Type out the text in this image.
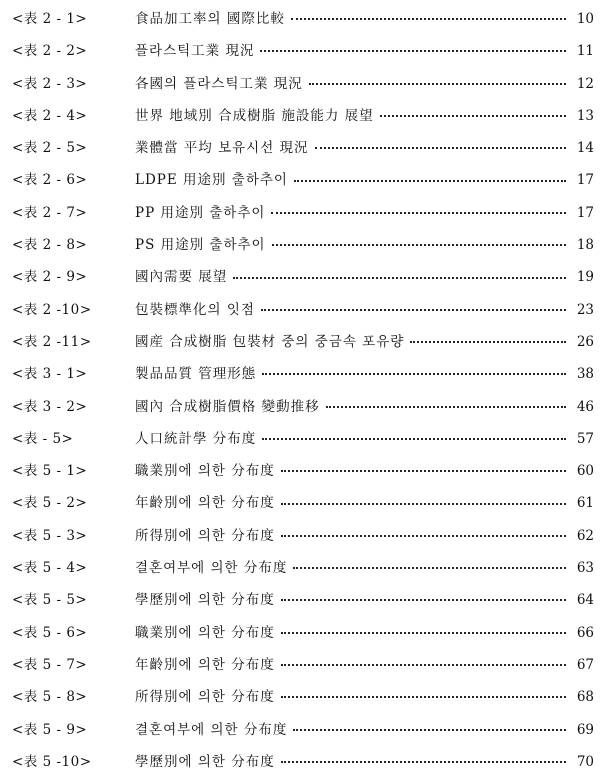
<表 2 - 1>	食品加工率의 國際比較	10
<表 2 - 2>	플라스틱工業 現況	11
<表 2 - 3>	各國의 플라스틱工業 現況	12
<表 2 - 4>	世界 地域別 合成樹脂 施設能力 展望	13
<表 2 - 5>	業體當 平均 보유시선 現況	14
<表 2 - 6>	LDPE 用途別 출하추이	17
<表 2 - 7>	PP 用途別 출하추이	17
<表 2 - 8>	PS 用途別 출하추이	18
<表 2 - 9>	國內需要 展望	19
<表 2 -10>	包裝標準化의 잇점	23
<表 2 -11>	國産 合成樹脂 包裝材 중의 중금속 포유량	26
<表 3 - 1>	製品品質 管理形態	38
<表 3 - 2>	國內 合成樹脂價格 變動推移	46
<表 - 5>	人口統計學 分布度	57
<表 5 - 1>	職業別에 의한 分布度	60
<表 5 - 2>	年齡別에 의한 分布度	61
<表 5 - 3>	所得別에 의한 分布度	62
<表 5 - 4>	결혼여부에 의한 分布度	63
<表 5 - 5>	學歷別에 의한 分布度	64
<表 5 - 6>	職業別에 의한 分布度	66
<表 5 - 7>	年齡別에 의한 分布度	67
<表 5 - 8>	所得別에 의한 分布度	68
<表 5 - 9>	결혼여부에 의한 分布度	69
<表 5 -10>	學歷別에 의한 分布度	70
